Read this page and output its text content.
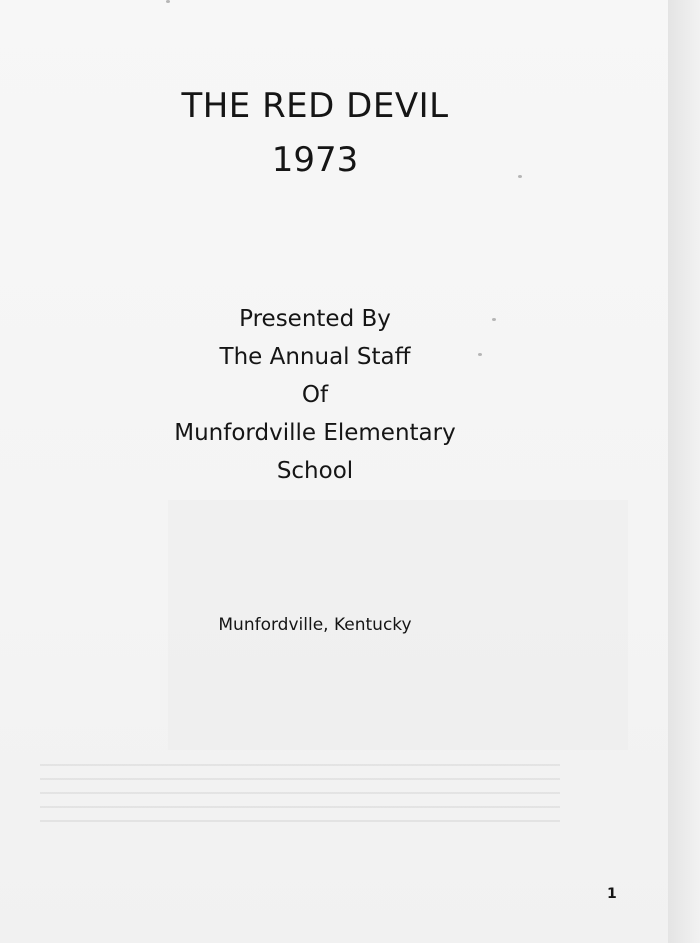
THE RED DEVIL
1973
Presented By
The Annual Staff
Of
Munfordville Elementary
School
Munfordville, Kentucky
1
